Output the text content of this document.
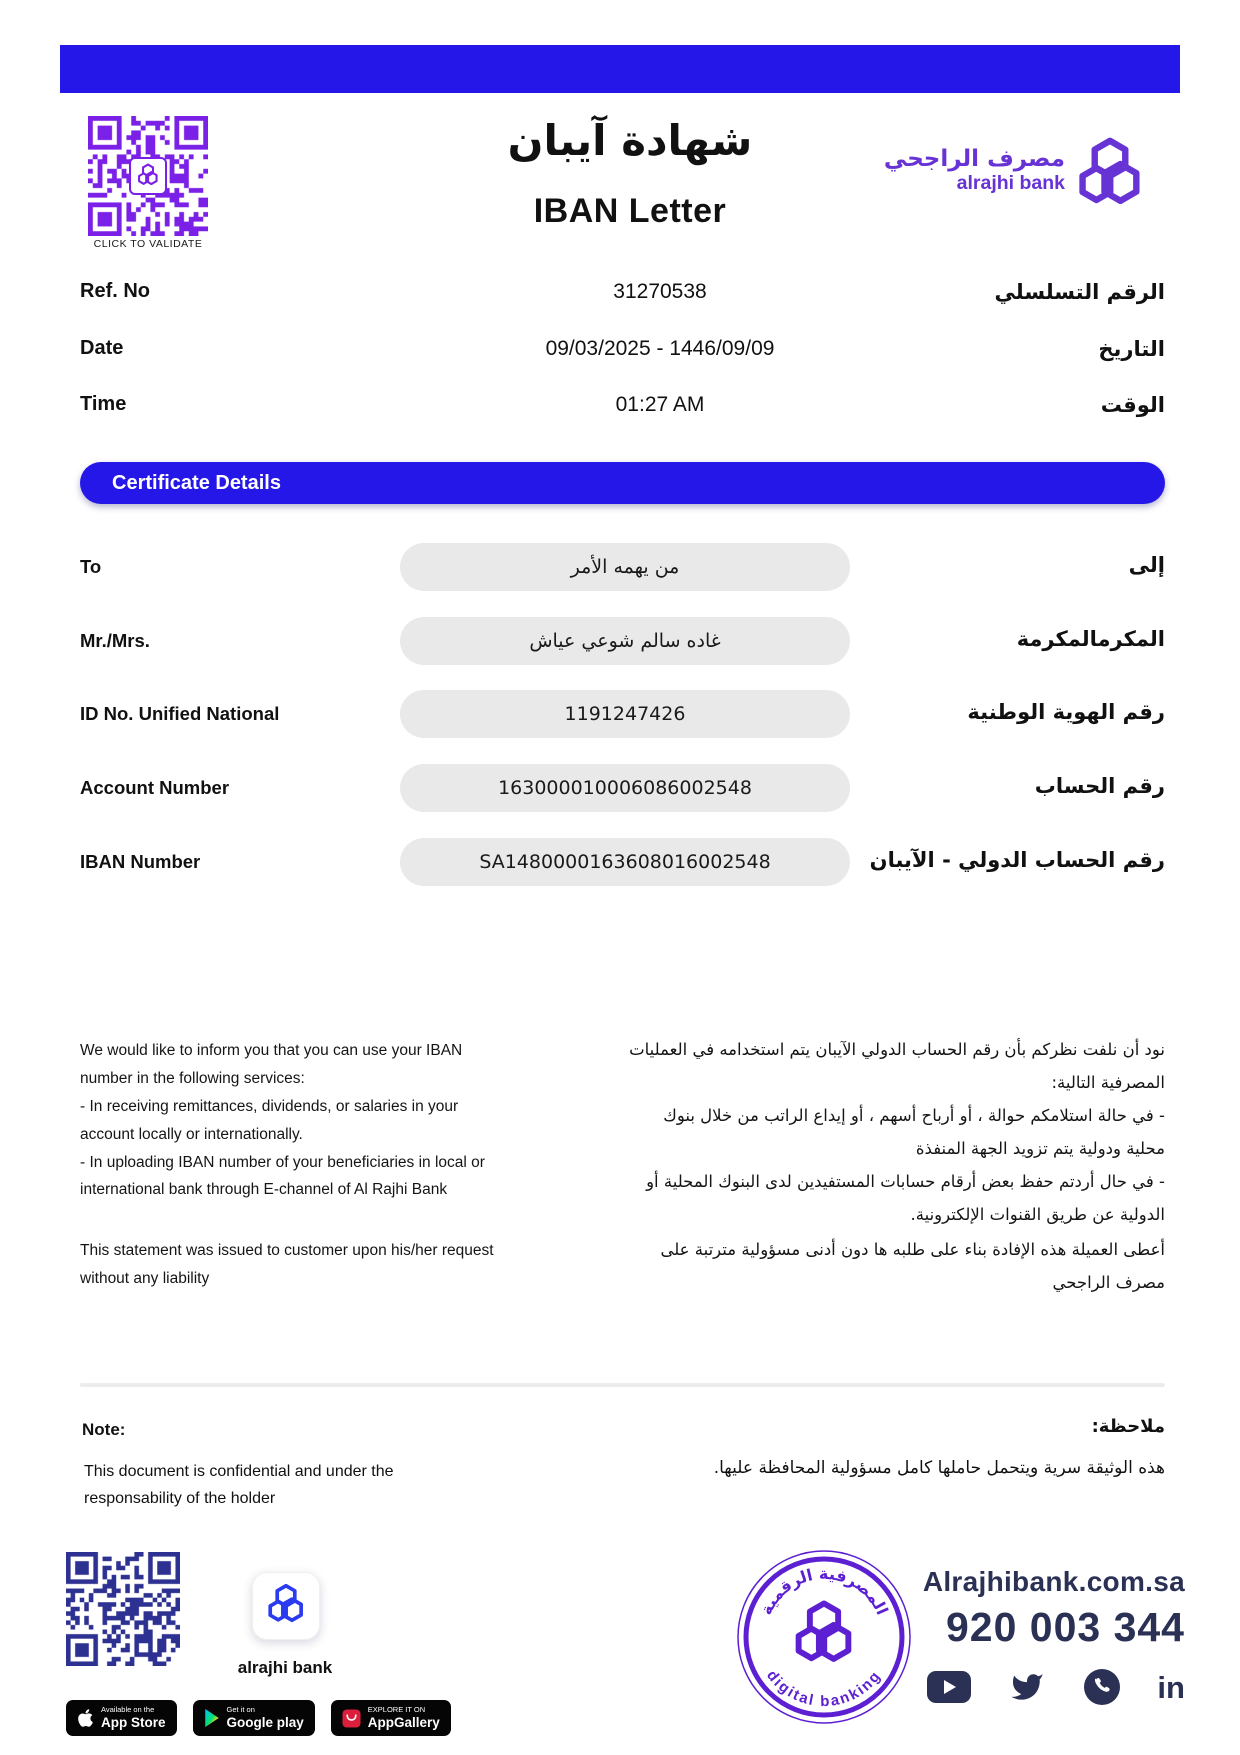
CLICK TO VALIDATE
شهادة آيبان
IBAN Letter
مصرف الراجحي
alrajhi bank
Ref. No	31270538	الرقم التسلسلي
Date	09/03/2025 - 1446/09/09	التاريخ
Time	01:27 AM	الوقت
Certificate Details
To	من يهمه الأمر	إلى
Mr./Mrs.	غاده سالم شوعي عياش	المكرمالمكرمة
ID No. Unified National	1191247426	رقم الهوية الوطنية
Account Number	163000010006086002548	رقم الحساب
IBAN Number	SA1480000163608016002548	رقم الحساب الدولي - الآيبان
We would like to inform you that you can use your IBAN number in the following services:
- In receiving remittances, dividends, or salaries in your account locally or internationally.
- In uploading IBAN number of your beneficiaries in local or international bank through E-channel of Al Rajhi Bank
This statement was issued to customer upon his/her request without any liability
نود أن نلفت نظركم بأن رقم الحساب الدولي الآيبان يتم استخدامه في العمليات المصرفية التالية:
- في حالة استلامكم حوالة ، أو أرباح أسهم ، أو إيداع الراتب من خلال بنوك محلية ودولية يتم تزويد الجهة المنفذة
- في حال أردتم حفظ بعض أرقام حسابات المستفيدين لدى البنوك المحلية أو الدولية عن طريق القنوات الإلكترونية.
أعطى العميلة هذه الإفادة بناء على طلبه ها دون أدنى مسؤولية مترتبة على مصرف الراجحي
Note:	ملاحظة:
This document is confidential and under the responsability of the holder
هذه الوثيقة سرية ويتحمل حاملها كامل مسؤولية المحافظة عليها.
alrajhi bank
Available on the
App Store
Get it on
Google play
EXPLORE IT ON
AppGallery
المصرفية الرقمية
digital banking
Alrajhibank.com.sa
920 003 344
in
